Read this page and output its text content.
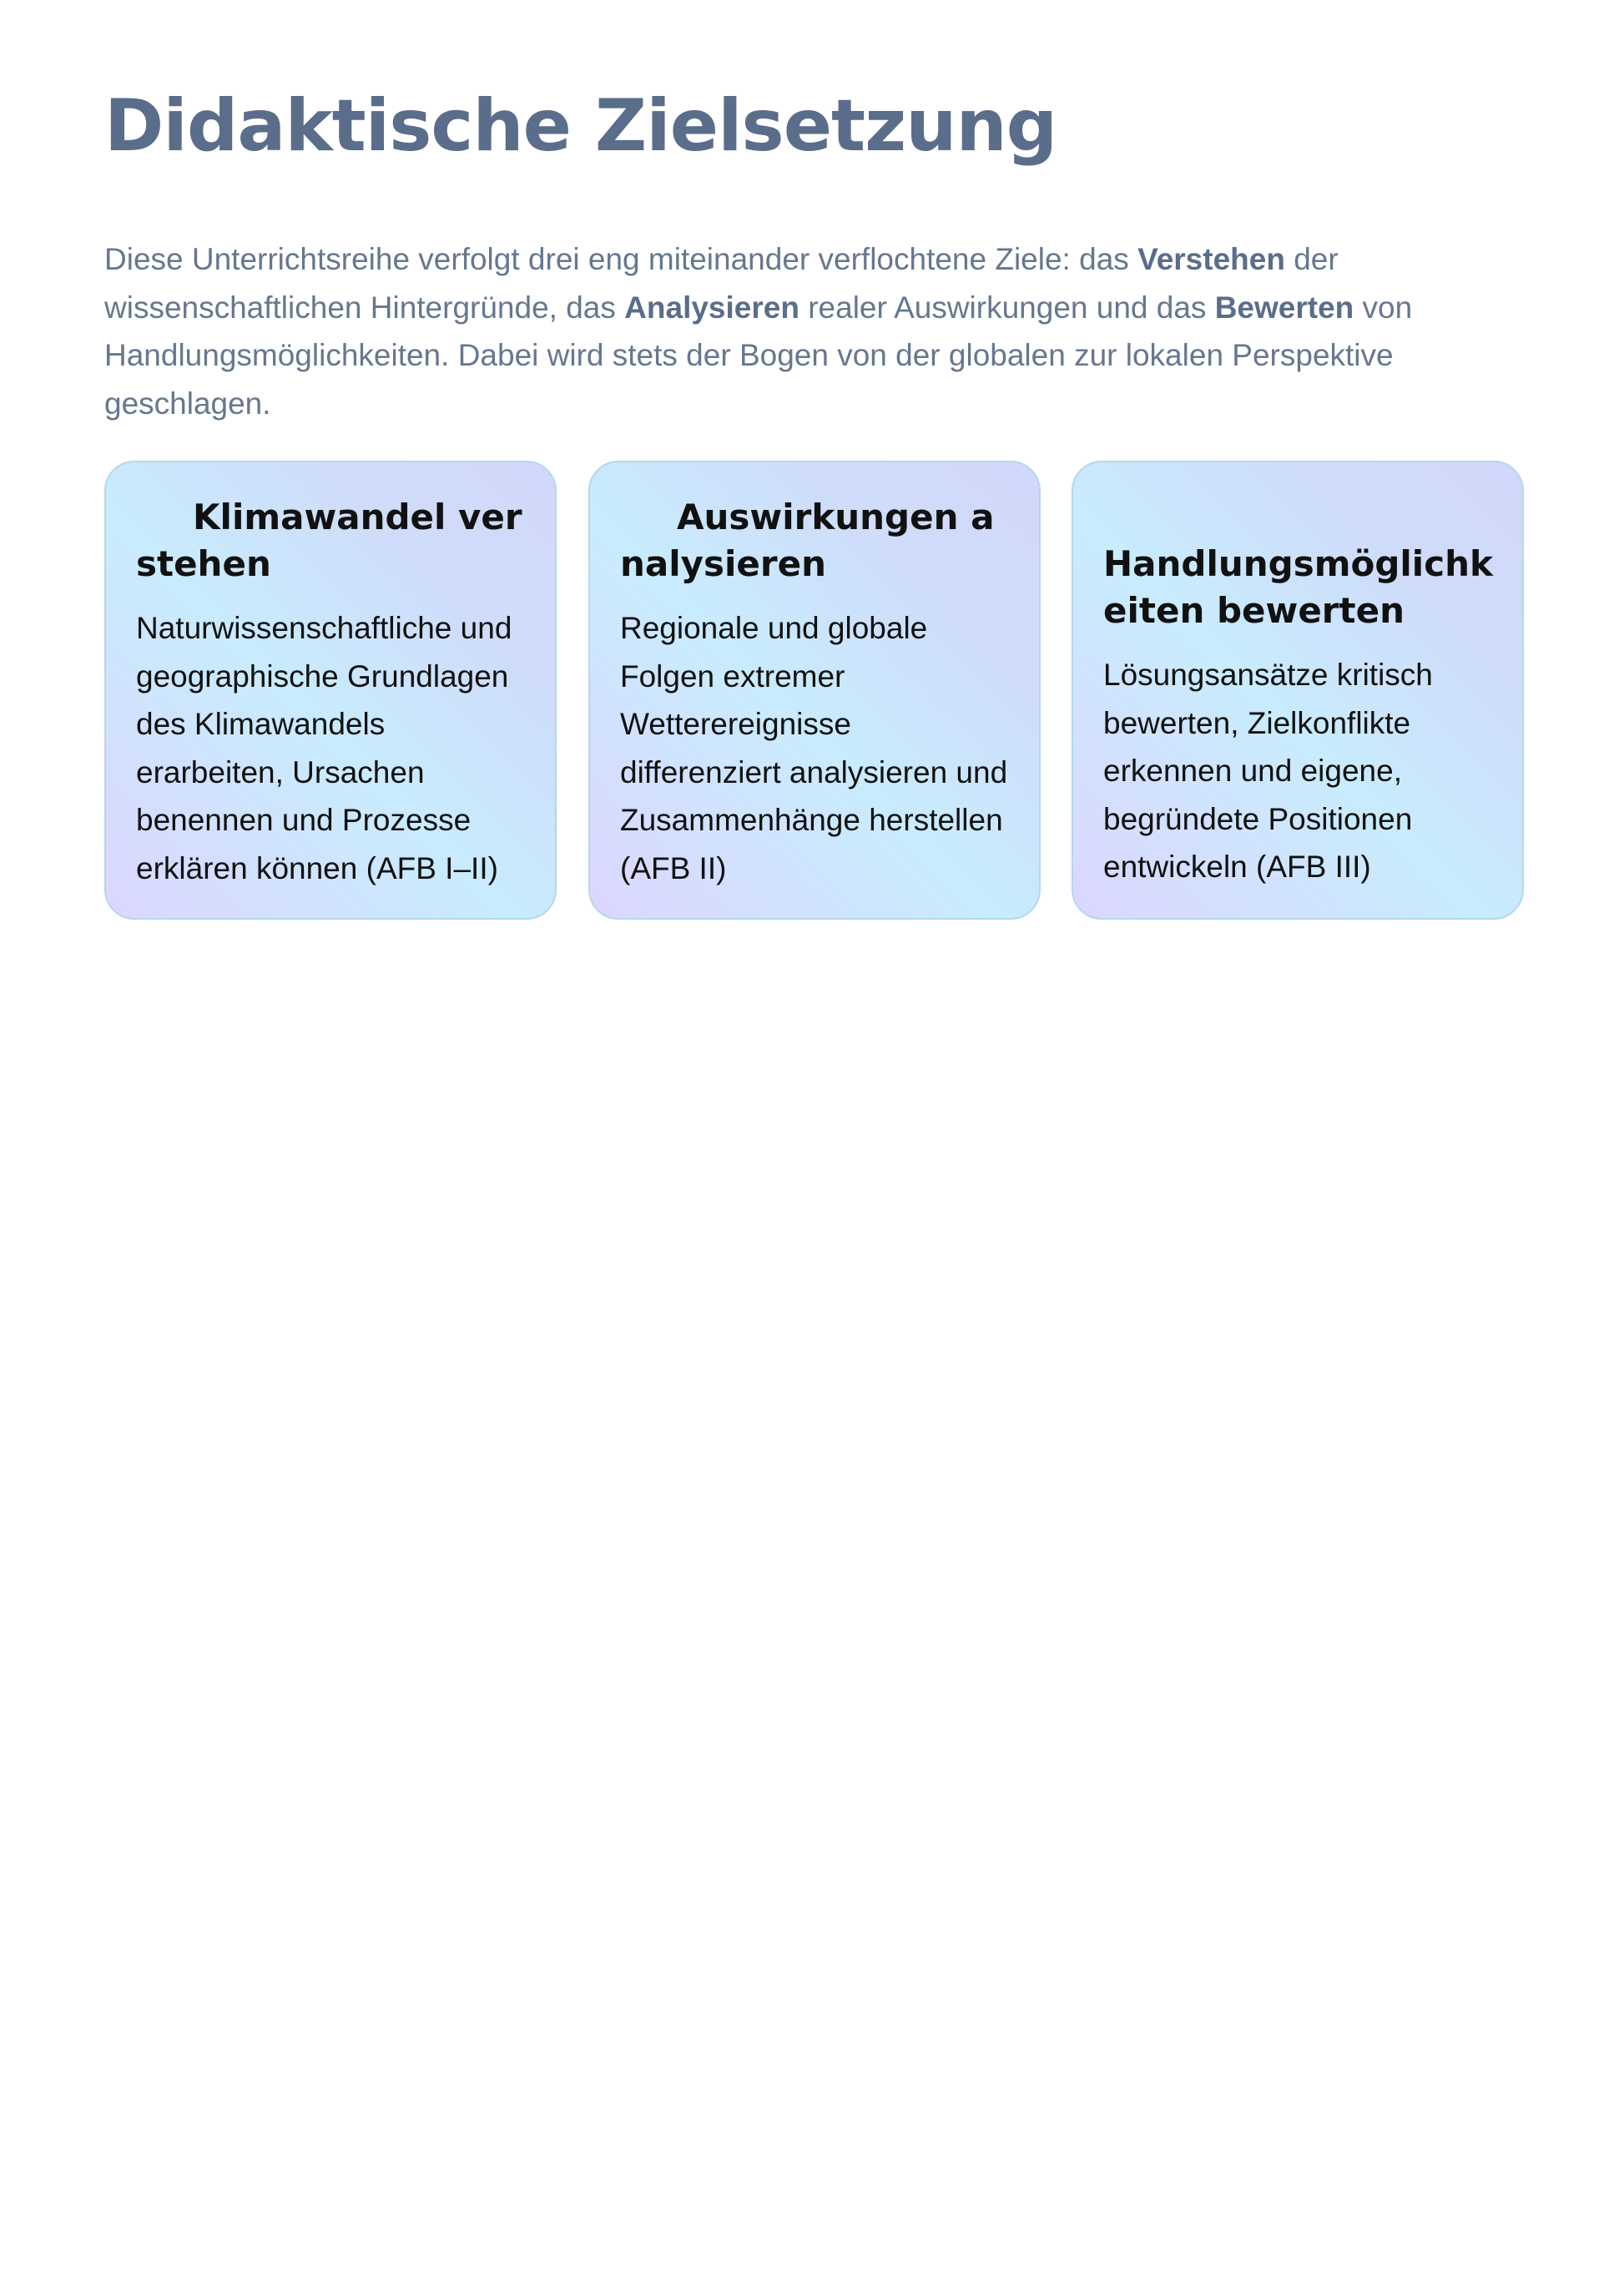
Didaktische Zielsetzung

Diese Unterrichtsreihe verfolgt drei eng miteinander verflochtene Ziele: das Verstehen der wissenschaftlichen Hintergründe, das Analysieren realer Auswirkungen und das Bewerten von Handlungsmöglichkeiten. Dabei wird stets der Bogen von der globalen zur lokalen Perspektive geschlagen.

Klimawandel verstehen

Naturwissenschaftliche und geographische Grundlagen des Klimawandels erarbeiten, Ursachen benennen und Prozesse erklären können (AFB I–II)

Auswirkungen analysieren

Regionale und globale Folgen extremer Wetterereignisse differenziert analysieren und Zusammenhänge herstellen (AFB II)

Handlungsmöglichkeiten bewerten

Lösungsansätze kritisch bewerten, Zielkonflikte erkennen und eigene, begründete Positionen entwickeln (AFB III)
